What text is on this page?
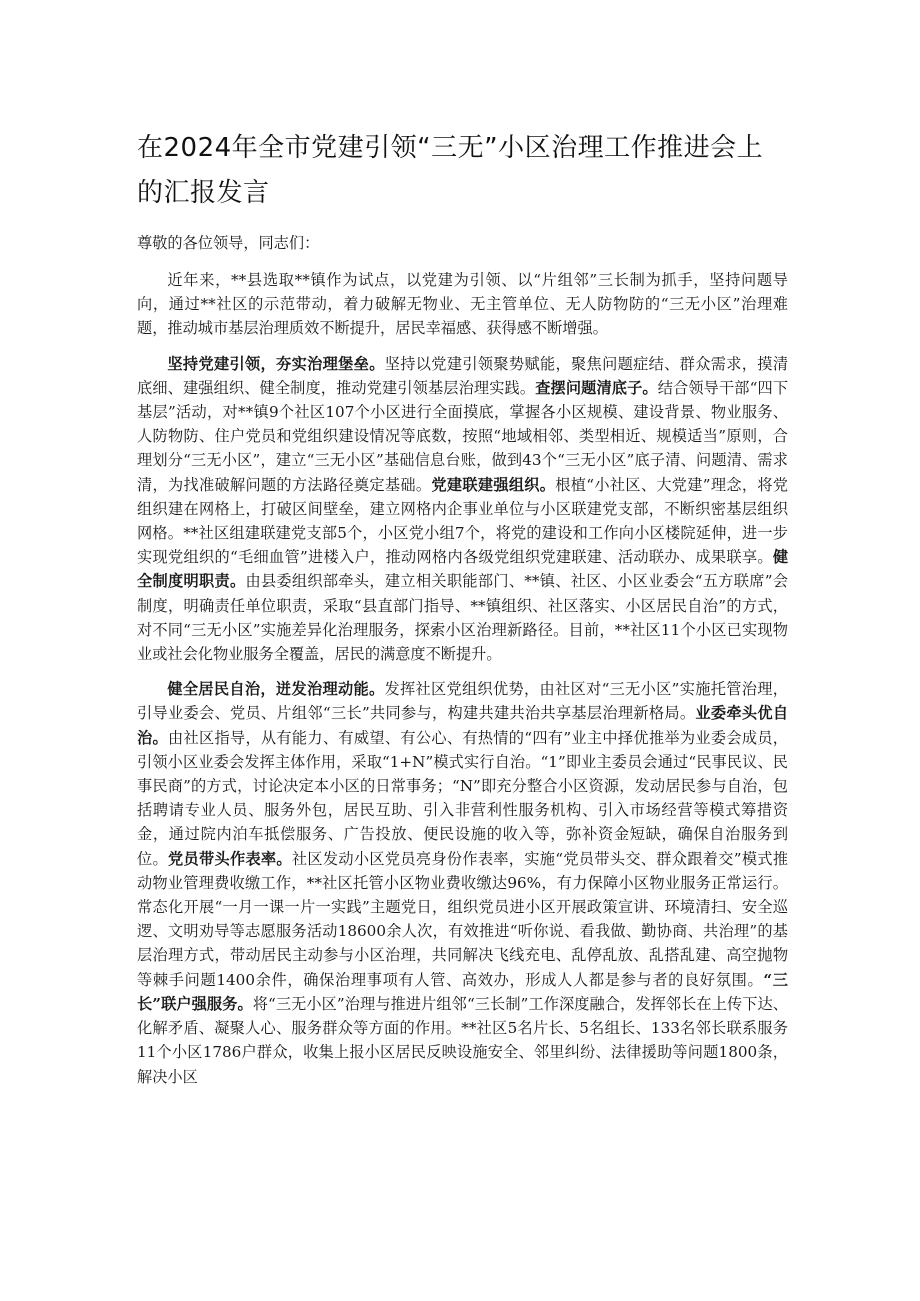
在2024年全市党建引领“三无”小区治理工作推进会上的汇报发言

尊敬的各位领导，同志们：

近年来，**县选取**镇作为试点，以党建为引领、以“片组邻”三长制为抓手，坚持问题导向，通过**社区的示范带动，着力破解无物业、无主管单位、无人防物防的“三无小区”治理难题，推动城市基层治理质效不断提升，居民幸福感、获得感不断增强。

坚持党建引领，夯实治理堡垒。坚持以党建引领聚势赋能，聚焦问题症结、群众需求，摸清底细、建强组织、健全制度，推动党建引领基层治理实践。查摆问题清底子。结合领导干部“四下基层”活动，对**镇9个社区107个小区进行全面摸底，掌握各小区规模、建设背景、物业服务、人防物防、住户党员和党组织建设情况等底数，按照“地域相邻、类型相近、规模适当”原则，合理划分“三无小区”，建立“三无小区”基础信息台账，做到43个“三无小区”底子清、问题清、需求清，为找准破解问题的方法路径奠定基础。党建联建强组织。根植“小社区、大党建”理念，将党组织建在网格上，打破区间壁垒，建立网格内企事业单位与小区联建党支部，不断织密基层组织网格。**社区组建联建党支部5个，小区党小组7个，将党的建设和工作向小区楼院延伸，进一步实现党组织的“毛细血管”进楼入户，推动网格内各级党组织党建联建、活动联办、成果联享。健全制度明职责。由县委组织部牵头，建立相关职能部门、**镇、社区、小区业委会“五方联席”会制度，明确责任单位职责，采取“县直部门指导、**镇组织、社区落实、小区居民自治”的方式，对不同“三无小区”实施差异化治理服务，探索小区治理新路径。目前，**社区11个小区已实现物业或社会化物业服务全覆盖，居民的满意度不断提升。

健全居民自治，迸发治理动能。发挥社区党组织优势，由社区对“三无小区”实施托管治理，引导业委会、党员、片组邻“三长”共同参与，构建共建共治共享基层治理新格局。业委牵头优自治。由社区指导，从有能力、有威望、有公心、有热情的“四有”业主中择优推举为业委会成员，引领小区业委会发挥主体作用，采取“1+N”模式实行自治。“1”即业主委员会通过“民事民议、民事民商”的方式，讨论决定本小区的日常事务；“N”即充分整合小区资源，发动居民参与自治，包括聘请专业人员、服务外包，居民互助、引入非营利性服务机构、引入市场经营等模式筹措资金，通过院内泊车抵偿服务、广告投放、便民设施的收入等，弥补资金短缺，确保自治服务到位。党员带头作表率。社区发动小区党员亮身份作表率，实施“党员带头交、群众跟着交”模式推动物业管理费收缴工作，**社区托管小区物业费收缴达96%，有力保障小区物业服务正常运行。常态化开展“一月一课一片一实践”主题党日，组织党员进小区开展政策宣讲、环境清扫、安全巡逻、文明劝导等志愿服务活动18600余人次，有效推进“听你说、看我做、勤协商、共治理”的基层治理方式，带动居民主动参与小区治理，共同解决飞线充电、乱停乱放、乱搭乱建、高空抛物等棘手问题1400余件，确保治理事项有人管、高效办，形成人人都是参与者的良好氛围。“三长”联户强服务。将“三无小区”治理与推进片组邻“三长制”工作深度融合，发挥邻长在上传下达、化解矛盾、凝聚人心、服务群众等方面的作用。**社区5名片长、5名组长、133名邻长联系服务11个小区1786户群众，收集上报小区居民反映设施安全、邻里纠纷、法律援助等问题1800条，解决小区
